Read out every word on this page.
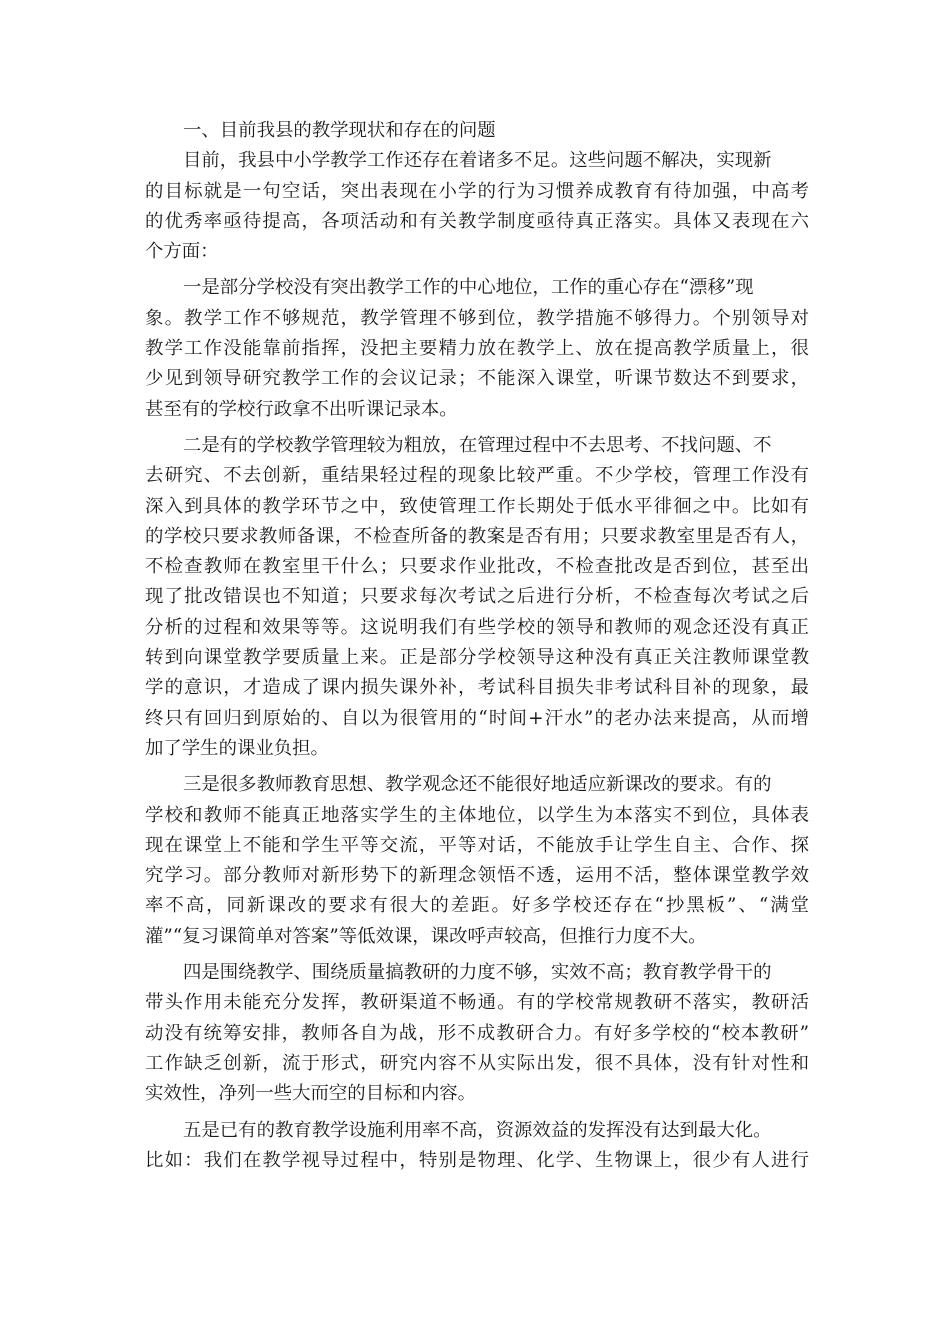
一、目前我县的教学现状和存在的问题
目前，我县中小学教学工作还存在着诸多不足。这些问题不解决，实现新
的目标就是一句空话，突出表现在小学的行为习惯养成教育有待加强，中高考
的优秀率亟待提高，各项活动和有关教学制度亟待真正落实。具体又表现在六
个方面：
一是部分学校没有突出教学工作的中心地位，工作的重心存在“漂移”现
象。教学工作不够规范，教学管理不够到位，教学措施不够得力。个别领导对
教学工作没能靠前指挥，没把主要精力放在教学上、放在提高教学质量上，很
少见到领导研究教学工作的会议记录；不能深入课堂，听课节数达不到要求，
甚至有的学校行政拿不出听课记录本。
二是有的学校教学管理较为粗放，在管理过程中不去思考、不找问题、不
去研究、不去创新，重结果轻过程的现象比较严重。不少学校，管理工作没有
深入到具体的教学环节之中，致使管理工作长期处于低水平徘徊之中。比如有
的学校只要求教师备课，不检查所备的教案是否有用；只要求教室里是否有人，
不检查教师在教室里干什么；只要求作业批改，不检查批改是否到位，甚至出
现了批改错误也不知道；只要求每次考试之后进行分析，不检查每次考试之后
分析的过程和效果等等。这说明我们有些学校的领导和教师的观念还没有真正
转到向课堂教学要质量上来。正是部分学校领导这种没有真正关注教师课堂教
学的意识，才造成了课内损失课外补，考试科目损失非考试科目补的现象，最
终只有回归到原始的、自以为很管用的“时间+汗水”的老办法来提高，从而增
加了学生的课业负担。
三是很多教师教育思想、教学观念还不能很好地适应新课改的要求。有的
学校和教师不能真正地落实学生的主体地位，以学生为本落实不到位，具体表
现在课堂上不能和学生平等交流，平等对话，不能放手让学生自主、合作、探
究学习。部分教师对新形势下的新理念领悟不透，运用不活，整体课堂教学效
率不高，同新课改的要求有很大的差距。好多学校还存在“抄黑板”、“满堂
灌”“复习课简单对答案”等低效课，课改呼声较高，但推行力度不大。
四是围绕教学、围绕质量搞教研的力度不够，实效不高；教育教学骨干的
带头作用未能充分发挥，教研渠道不畅通。有的学校常规教研不落实，教研活
动没有统筹安排，教师各自为战，形不成教研合力。有好多学校的“校本教研”
工作缺乏创新，流于形式，研究内容不从实际出发，很不具体，没有针对性和
实效性，净列一些大而空的目标和内容。
五是已有的教育教学设施利用率不高，资源效益的发挥没有达到最大化。
比如：我们在教学视导过程中，特别是物理、化学、生物课上，很少有人进行
